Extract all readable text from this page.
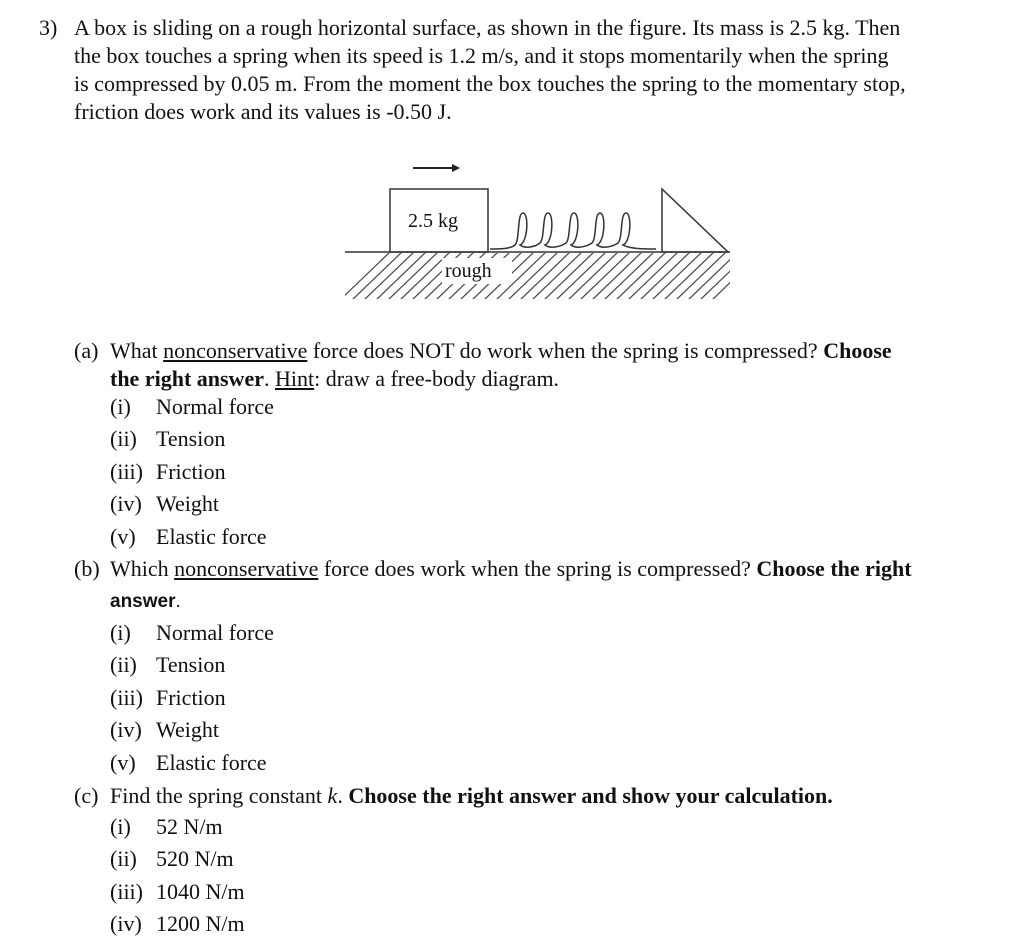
3) A box is sliding on a rough horizontal surface, as shown in the figure. Its mass is 2.5 kg. Then
the box touches a spring when its speed is 1.2 m/s, and it stops momentarily when the spring
is compressed by 0.05 m. From the moment the box touches the spring to the momentary stop,
friction does work and its values is -0.50 J.
2.5 kg
rough
(a) What nonconservative force does NOT do work when the spring is compressed? Choose
the right answer. Hint: draw a free-body diagram.
(i) Normal force
(ii) Tension
(iii) Friction
(iv) Weight
(v) Elastic force
(b) Which nonconservative force does work when the spring is compressed? Choose the right
answer.
(i) Normal force
(ii) Tension
(iii) Friction
(iv) Weight
(v) Elastic force
(c) Find the spring constant k. Choose the right answer and show your calculation.
(i) 52 N/m
(ii) 520 N/m
(iii) 1040 N/m
(iv) 1200 N/m
